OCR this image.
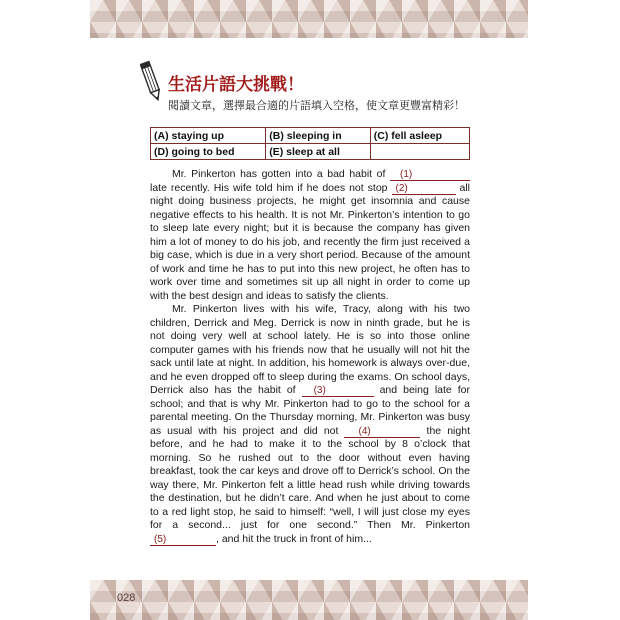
生活片語大挑戰！
閱讀文章，選擇最合適的片語填入空格，使文章更豐富精彩！
(A) staying up	(B) sleeping in	(C) fell asleep
(D) going to bed	(E) sleep at all	

Mr. Pinkerton has gotten into a bad habit of (1) late recently. His wife told him if he does not stop (2)	all night doing business projects, he might get insomnia and cause negative effects to his health. It is not Mr. Pinkerton’s intention to go to sleep late every night; but it is because the company has given him a lot of money to do his job, and recently the firm just received a big case, which is due in a very short period. Because of the amount of work and time he has to put into this new project, he often has to work over time and sometimes sit up all night in order to come up with the best design and ideas to satisfy the clients.

Mr. Pinkerton lives with his wife, Tracy, along with his two children, Derrick and Meg. Derrick is now in ninth grade, but he is not doing very well at school lately. He is so into those online computer games with his friends now that he usually will not hit the sack until late at night. In addition, his homework is always over-due, and he even dropped off to sleep during the exams. On school days, Derrick also has the habit of (3)	and being late for school; and that is why Mr. Pinkerton had to go to the school for a parental meeting. On the Thursday morning, Mr. Pinkerton was busy as usual with his project and did not (4)	the night before, and he had to make it to the school by 8 o’clock that morning. So he rushed out to the door without even having breakfast, took the car keys and drove off to Derrick’s school. On the way there, Mr. Pinkerton felt a little head rush while driving towards the destination, but he didn’t care. And when he just about to come to a red light stop, he said to himself: “well, I will just close my eyes for a second... just for one second.” Then Mr. Pinkerton (5)	, and hit the truck in front of him...

028
